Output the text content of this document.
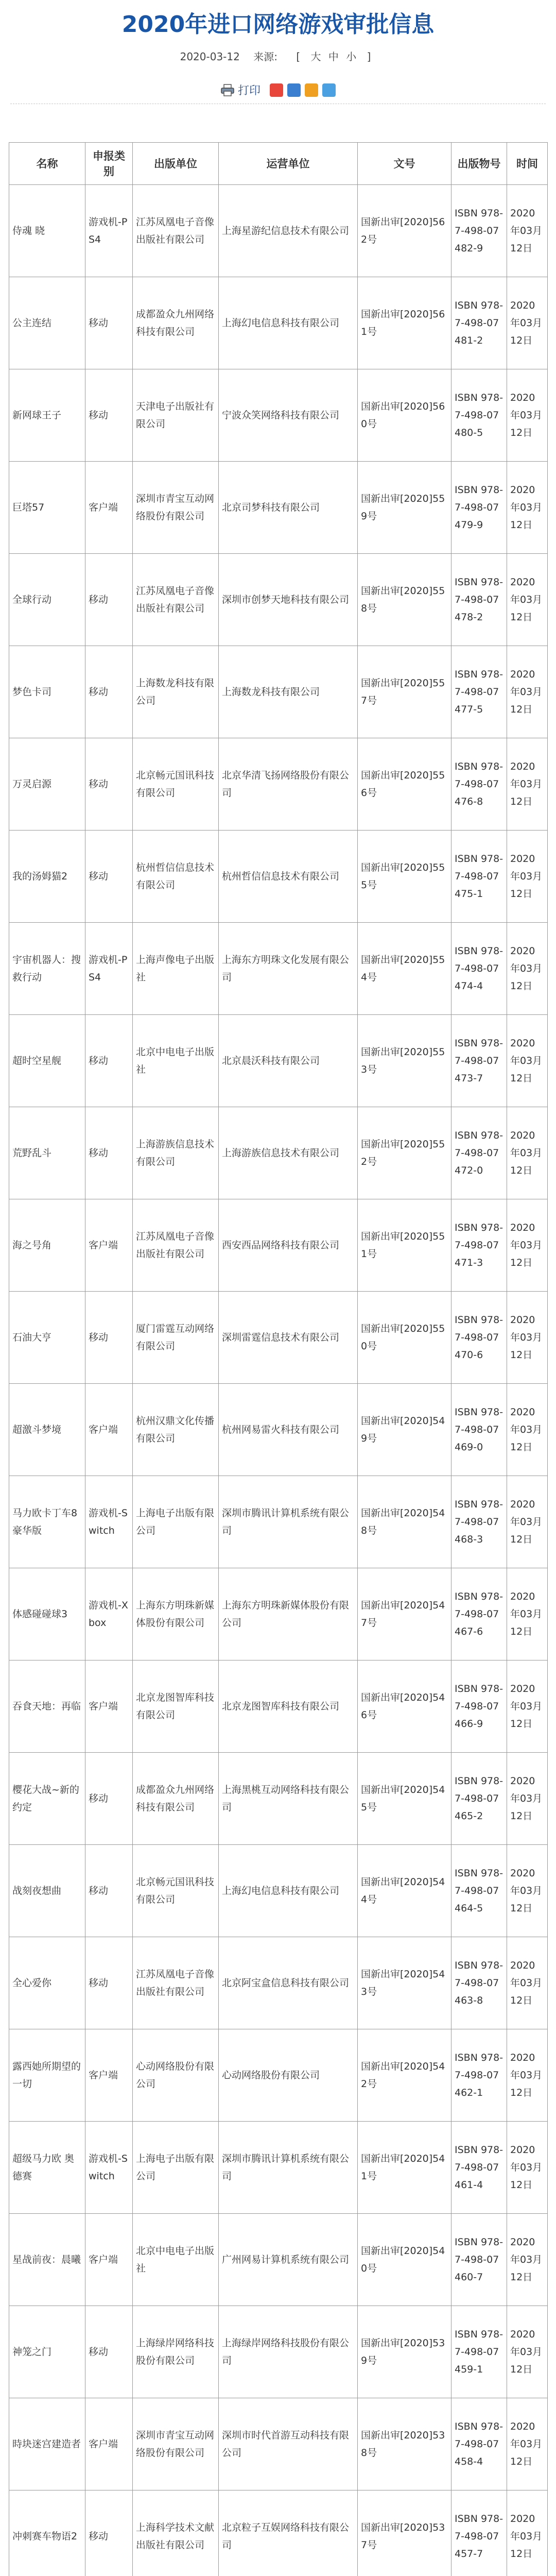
2020年进口网络游戏审批信息
2020-03-12 来源: [ 大 中 小 ]
打印
名称	申报类别	出版单位	运营单位	文号	出版物号	时间
侍魂 晓	游戏机-PS4	江苏凤凰电子音像出版社有限公司	上海星游纪信息技术有限公司	国新出审[2020]562号	ISBN 978-7-498-07482-9	2020年03月12日
公主连结	移动	成都盈众九州网络科技有限公司	上海幻电信息科技有限公司	国新出审[2020]561号	ISBN 978-7-498-07481-2	2020年03月12日
新网球王子	移动	天津电子出版社有限公司	宁波众笑网络科技有限公司	国新出审[2020]560号	ISBN 978-7-498-07480-5	2020年03月12日
巨塔57	客户端	深圳市青宝互动网络股份有限公司	北京司梦科技有限公司	国新出审[2020]559号	ISBN 978-7-498-07479-9	2020年03月12日
全球行动	移动	江苏凤凰电子音像出版社有限公司	深圳市创梦天地科技有限公司	国新出审[2020]558号	ISBN 978-7-498-07478-2	2020年03月12日
梦色卡司	移动	上海数龙科技有限公司	上海数龙科技有限公司	国新出审[2020]557号	ISBN 978-7-498-07477-5	2020年03月12日
万灵启源	移动	北京畅元国讯科技有限公司	北京华清飞扬网络股份有限公司	国新出审[2020]556号	ISBN 978-7-498-07476-8	2020年03月12日
我的汤姆猫2	移动	杭州哲信信息技术有限公司	杭州哲信信息技术有限公司	国新出审[2020]555号	ISBN 978-7-498-07475-1	2020年03月12日
宇宙机器人：搜救行动	游戏机-PS4	上海声像电子出版社	上海东方明珠文化发展有限公司	国新出审[2020]554号	ISBN 978-7-498-07474-4	2020年03月12日
超时空星舰	移动	北京中电电子出版社	北京晨沃科技有限公司	国新出审[2020]553号	ISBN 978-7-498-07473-7	2020年03月12日
荒野乱斗	移动	上海游族信息技术有限公司	上海游族信息技术有限公司	国新出审[2020]552号	ISBN 978-7-498-07472-0	2020年03月12日
海之号角	客户端	江苏凤凰电子音像出版社有限公司	西安西品网络科技有限公司	国新出审[2020]551号	ISBN 978-7-498-07471-3	2020年03月12日
石油大亨	移动	厦门雷霆互动网络有限公司	深圳雷霆信息技术有限公司	国新出审[2020]550号	ISBN 978-7-498-07470-6	2020年03月12日
超激斗梦境	客户端	杭州汉鼎文化传播有限公司	杭州网易雷火科技有限公司	国新出审[2020]549号	ISBN 978-7-498-07469-0	2020年03月12日
马力欧卡丁车8豪华版	游戏机-Switch	上海电子出版有限公司	深圳市腾讯计算机系统有限公司	国新出审[2020]548号	ISBN 978-7-498-07468-3	2020年03月12日
体感碰碰球3	游戏机-Xbox	上海东方明珠新媒体股份有限公司	上海东方明珠新媒体股份有限公司	国新出审[2020]547号	ISBN 978-7-498-07467-6	2020年03月12日
吞食天地：再临	客户端	北京龙图智库科技有限公司	北京龙图智库科技有限公司	国新出审[2020]546号	ISBN 978-7-498-07466-9	2020年03月12日
樱花大战~新的约定	移动	成都盈众九州网络科技有限公司	上海黑桃互动网络科技有限公司	国新出审[2020]545号	ISBN 978-7-498-07465-2	2020年03月12日
战刻夜想曲	移动	北京畅元国讯科技有限公司	上海幻电信息科技有限公司	国新出审[2020]544号	ISBN 978-7-498-07464-5	2020年03月12日
全心爱你	移动	江苏凤凰电子音像出版社有限公司	北京阿宝盒信息科技有限公司	国新出审[2020]543号	ISBN 978-7-498-07463-8	2020年03月12日
露西她所期望的一切	客户端	心动网络股份有限公司	心动网络股份有限公司	国新出审[2020]542号	ISBN 978-7-498-07462-1	2020年03月12日
超级马力欧 奥德赛	游戏机-Switch	上海电子出版有限公司	深圳市腾讯计算机系统有限公司	国新出审[2020]541号	ISBN 978-7-498-07461-4	2020年03月12日
星战前夜：晨曦	客户端	北京中电电子出版社	广州网易计算机系统有限公司	国新出审[2020]540号	ISBN 978-7-498-07460-7	2020年03月12日
神笼之门	移动	上海绿岸网络科技股份有限公司	上海绿岸网络科技股份有限公司	国新出审[2020]539号	ISBN 978-7-498-07459-1	2020年03月12日
時块迷宫建造者	客户端	深圳市青宝互动网络股份有限公司	深圳市时代首游互动科技有限公司	国新出审[2020]538号	ISBN 978-7-498-07458-4	2020年03月12日
冲刺赛车物语2	移动	上海科学技术文献出版社有限公司	北京粒子互娱网络科技有限公司	国新出审[2020]537号	ISBN 978-7-498-07457-7	2020年03月12日
